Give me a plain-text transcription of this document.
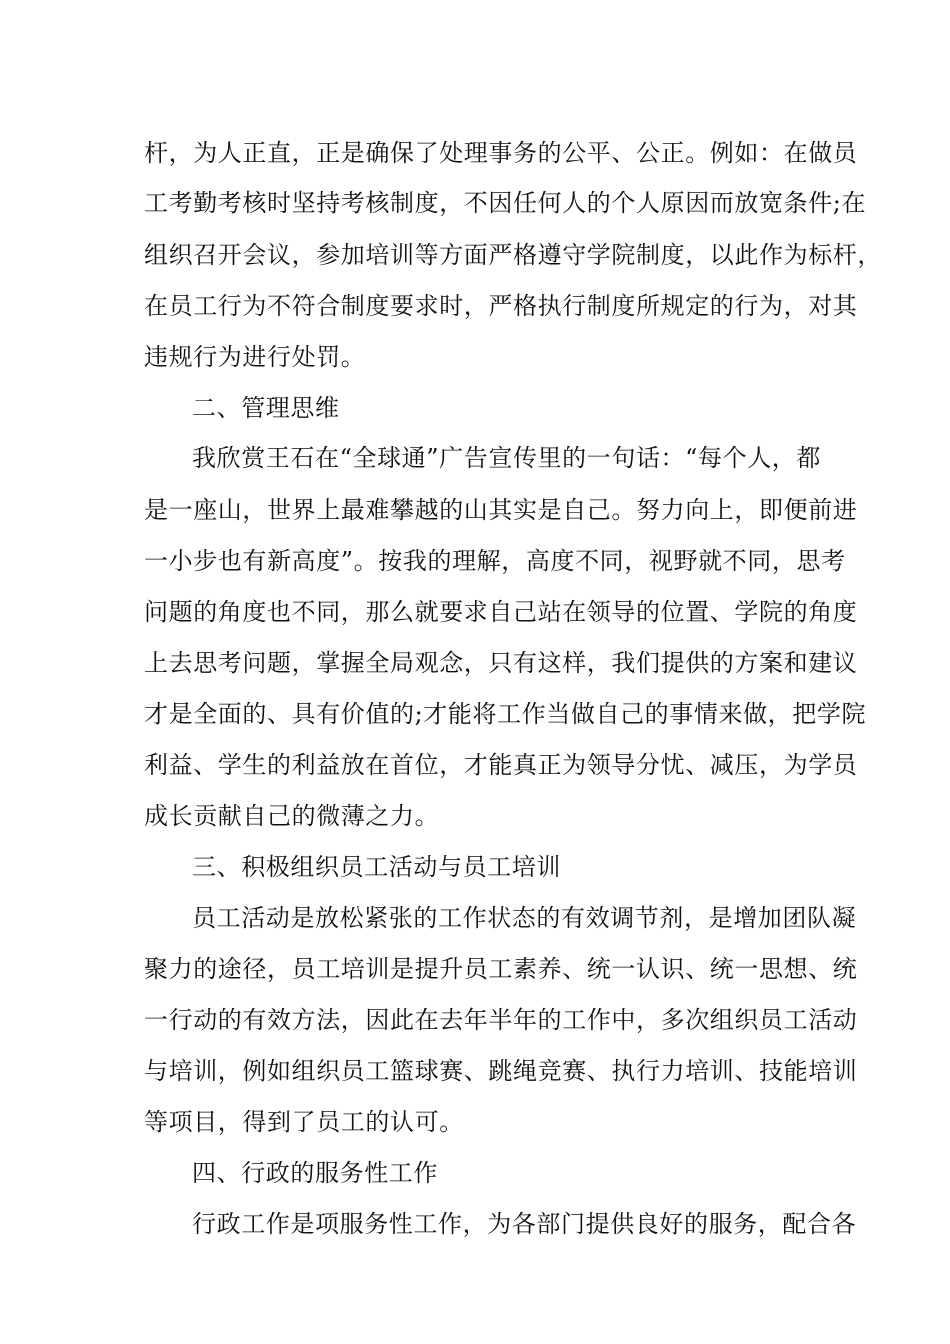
杆，为人正直，正是确保了处理事务的公平、公正。例如：在做员
工考勤考核时坚持考核制度，不因任何人的个人原因而放宽条件;在
组织召开会议，参加培训等方面严格遵守学院制度，以此作为标杆，
在员工行为不符合制度要求时，严格执行制度所规定的行为，对其
违规行为进行处罚。
二、管理思维
我欣赏王石在“全球通”广告宣传里的一句话：“每个人，都
是一座山，世界上最难攀越的山其实是自己。努力向上，即便前进
一小步也有新高度”。按我的理解，高度不同，视野就不同，思考
问题的角度也不同，那么就要求自己站在领导的位置、学院的角度
上去思考问题，掌握全局观念，只有这样，我们提供的方案和建议
才是全面的、具有价值的;才能将工作当做自己的事情来做，把学院
利益、学生的利益放在首位，才能真正为领导分忧、减压，为学员
成长贡献自己的微薄之力。
三、积极组织员工活动与员工培训
员工活动是放松紧张的工作状态的有效调节剂，是增加团队凝
聚力的途径，员工培训是提升员工素养、统一认识、统一思想、统
一行动的有效方法，因此在去年半年的工作中，多次组织员工活动
与培训，例如组织员工篮球赛、跳绳竞赛、执行力培训、技能培训
等项目，得到了员工的认可。
四、行政的服务性工作
行政工作是项服务性工作，为各部门提供良好的服务，配合各
